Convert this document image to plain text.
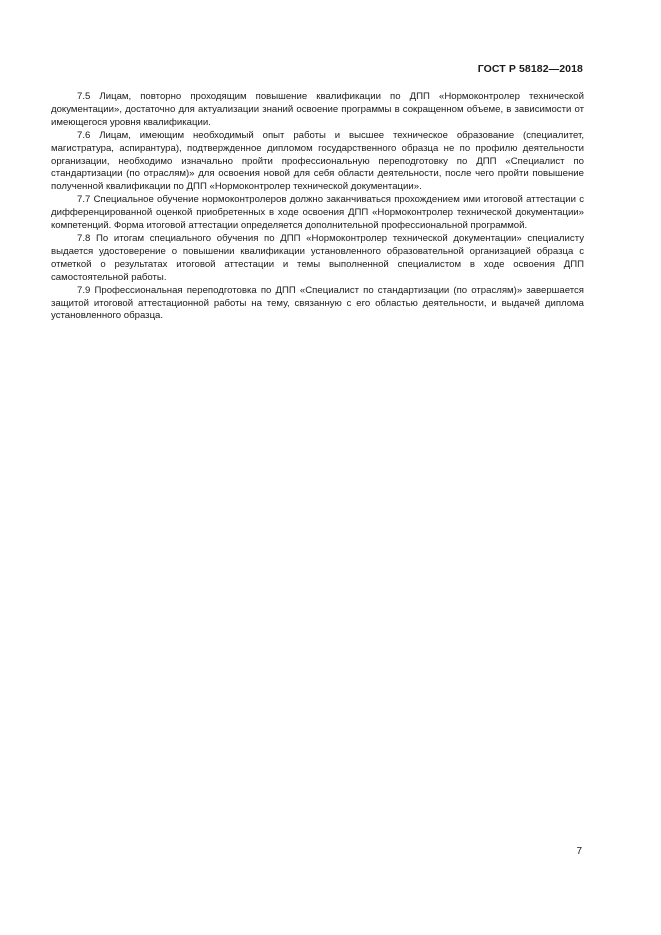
ГОСТ Р 58182—2018

7.5 Лицам, повторно проходящим повышение квалификации по ДПП «Нормоконтролер технической документации», достаточно для актуализации знаний освоение программы в сокращенном объеме, в зависимости от имеющегося уровня квалификации.

7.6 Лицам, имеющим необходимый опыт работы и высшее техническое образование (специалитет, магистратура, аспирантура), подтвержденное дипломом государственного образца не по профилю деятельности организации, необходимо изначально пройти профессиональную переподготовку по ДПП «Специалист по стандартизации (по отраслям)» для освоения новой для себя области деятельности, после чего пройти повышение полученной квалификации по ДПП «Нормоконтролер технической документации».

7.7 Специальное обучение нормоконтролеров должно заканчиваться прохождением ими итоговой аттестации с дифференцированной оценкой приобретенных в ходе освоения ДПП «Нормоконтролер технической документации» компетенций. Форма итоговой аттестации определяется дополнительной профессиональной программой.

7.8 По итогам специального обучения по ДПП «Нормоконтролер технической документации» специалисту выдается удостоверение о повышении квалификации установленного образовательной организацией образца с отметкой о результатах итоговой аттестации и темы выполненной специалистом в ходе освоения ДПП самостоятельной работы.

7.9 Профессиональная переподготовка по ДПП «Специалист по стандартизации (по отраслям)» завершается защитой итоговой аттестационной работы на тему, связанную с его областью деятельности, и выдачей диплома установленного образца.

7
